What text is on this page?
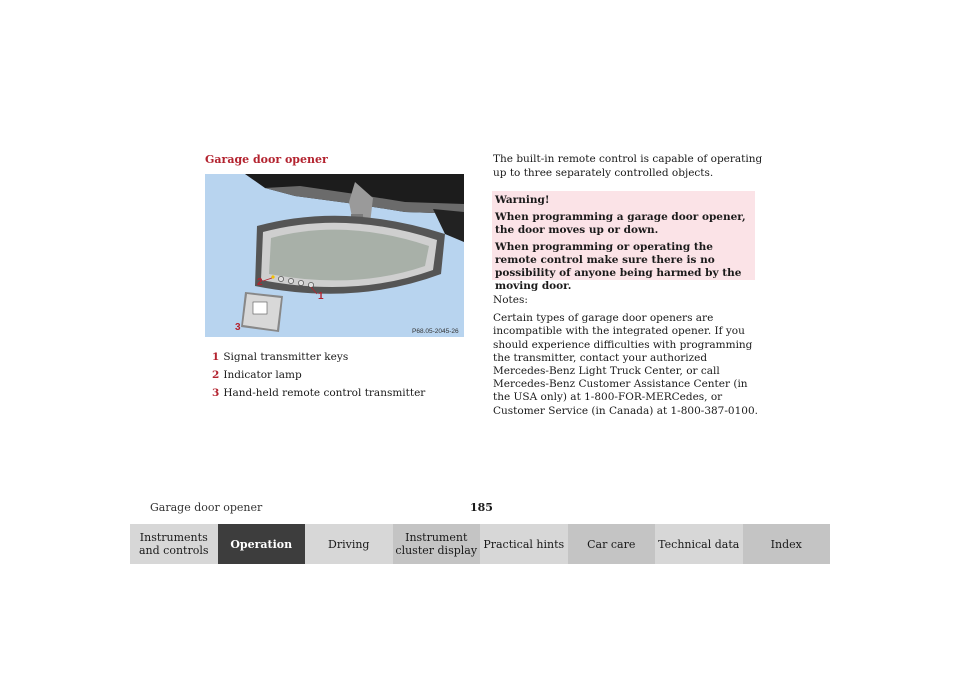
Garage door opener
2
1
3	P68.05-2045-26
1 Signal transmitter keys
2 Indicator lamp
3 Hand-held remote control transmitter
The built-in remote control is capable of operating up to three separately controlled objects.

Warning!

When programming a garage door opener, the door moves up or down.

When programming or operating the remote control make sure there is no possibility of anyone being harmed by the moving door.

Notes:

Certain types of garage door openers are incompatible with the integrated opener. If you should experience difficulties with programming the transmitter, contact your authorized Mercedes-Benz Light Truck Center, or call Mercedes-Benz Customer Assistance Center (in the USA only) at 1-800-FOR-MERCedes, or Customer Service (in Canada) at 1-800-387-0100.

Garage door opener	185
Instruments and controls	Operation	Driving	Instrument cluster display Practical hints	Car care	Technical data	Index
